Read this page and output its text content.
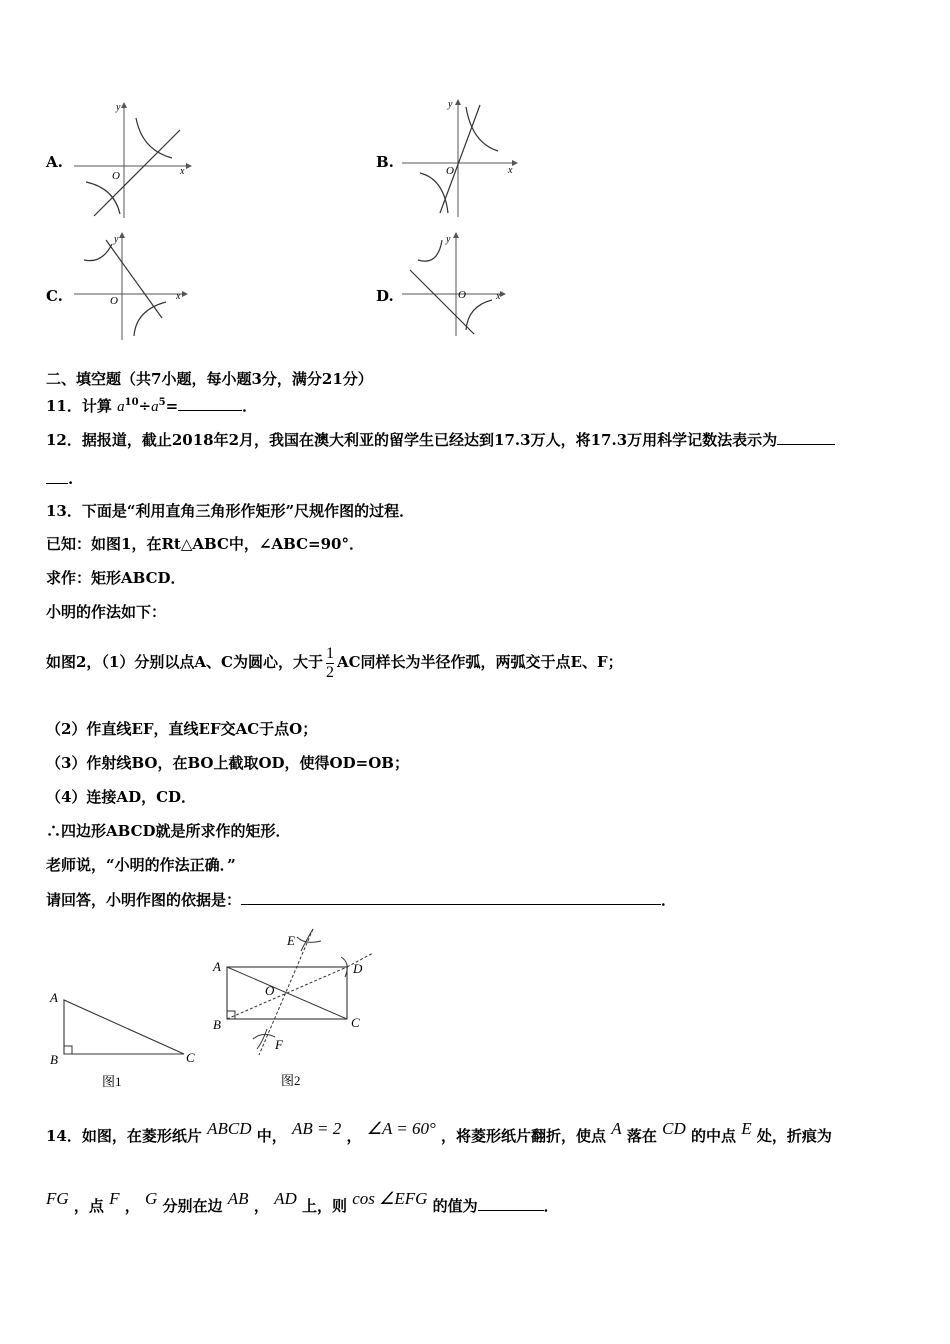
A.
x
y
O
B.	x
y
O
C.	x
y
O	D.	x
y
O
二、填空题（共7小题，每小题3分，满分21分）
11．计算 $a^{10}\div a^5=$	．
12．据报道，截止2018年2月，我国在澳大利亚的留学生已经达到17.3万人，将17.3万用科学记数法表示为
.
13．下面是“利用直角三角形作矩形”尺规作图的过程．
已知：如图1，在Rt△ABC中，∠ABC=90°．
求作：矩形ABCD．
小明的作法如下：
如图2，（1）分别以点A、C为圆心，大于 $\frac{1}{2}$ AC同样长为半径作弧，两弧交于点E、F；
（2）作直线EF，直线EF交AC于点O；
（3）作射线BO，在BO上截取OD，使得OD=OB；
（4）连接AD，CD．
∴四边形ABCD就是所求作的矩形．
老师说，“小明的作法正确．”
请回答，小明作图的依据是：	．
A
B	C
图1
A
B	C
D
E
F
O
图2
14．如图，在菱形纸片 ABCD 中， AB = 2 ， ∠A = 60° ，将菱形纸片翻折，使点 A 落在 CD 的中点 E 处，折痕为
FG ，点 F ， G 分别在边 AB ， AD 上，则 cos ∠EFG 的值为	．
